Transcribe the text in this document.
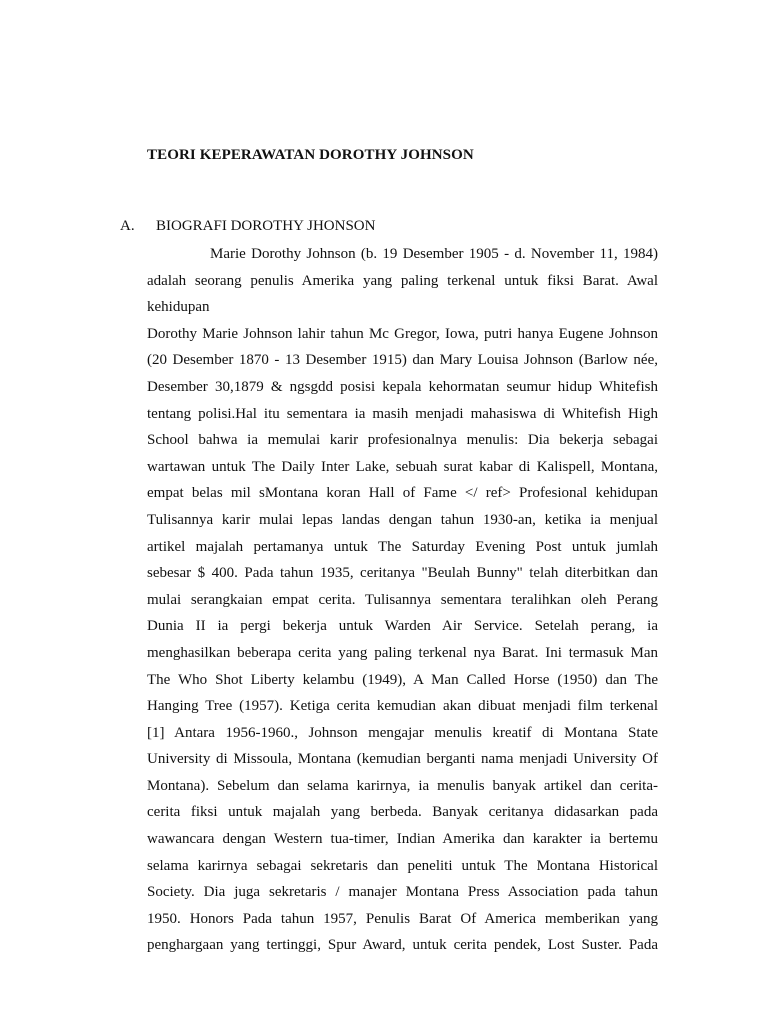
TEORI KEPERAWATAN DOROTHY JOHNSON
A. BIOGRAFI DOROTHY JHONSON
Marie Dorothy Johnson (b. 19 Desember 1905 - d. November 11, 1984)
adalah seorang penulis Amerika yang paling terkenal untuk fiksi Barat. Awal
kehidupan
Dorothy Marie Johnson lahir tahun Mc Gregor, Iowa, putri hanya Eugene Johnson
(20 Desember 1870 - 13 Desember 1915) dan Mary Louisa Johnson (Barlow née,
Desember 30,1879 & ngsgdd posisi kepala kehormatan seumur hidup Whitefish
tentang polisi.Hal itu sementara ia masih menjadi mahasiswa di Whitefish High
School bahwa ia memulai karir profesionalnya menulis: Dia bekerja sebagai
wartawan untuk The Daily Inter Lake, sebuah surat kabar di Kalispell, Montana,
empat belas mil sMontana koran Hall of Fame </ ref> Profesional kehidupan
Tulisannya karir mulai lepas landas dengan tahun 1930-an, ketika ia menjual
artikel majalah pertamanya untuk The Saturday Evening Post untuk jumlah
sebesar $ 400. Pada tahun 1935, ceritanya "Beulah Bunny" telah diterbitkan dan
mulai serangkaian empat cerita. Tulisannya sementara teralihkan oleh Perang
Dunia II ia pergi bekerja untuk Warden Air Service. Setelah perang, ia
menghasilkan beberapa cerita yang paling terkenal nya Barat. Ini termasuk Man
The Who Shot Liberty kelambu (1949), A Man Called Horse (1950) dan The
Hanging Tree (1957). Ketiga cerita kemudian akan dibuat menjadi film terkenal
[1] Antara 1956-1960., Johnson mengajar menulis kreatif di Montana State
University di Missoula, Montana (kemudian berganti nama menjadi University Of
Montana). Sebelum dan selama karirnya, ia menulis banyak artikel dan cerita-
cerita fiksi untuk majalah yang berbeda. Banyak ceritanya didasarkan pada
wawancara dengan Western tua-timer, Indian Amerika dan karakter ia bertemu
selama karirnya sebagai sekretaris dan peneliti untuk The Montana Historical
Society. Dia juga sekretaris / manajer Montana Press Association pada tahun
1950. Honors Pada tahun 1957, Penulis Barat Of America memberikan yang
penghargaan yang tertinggi, Spur Award, untuk cerita pendek, Lost Suster. Pada
